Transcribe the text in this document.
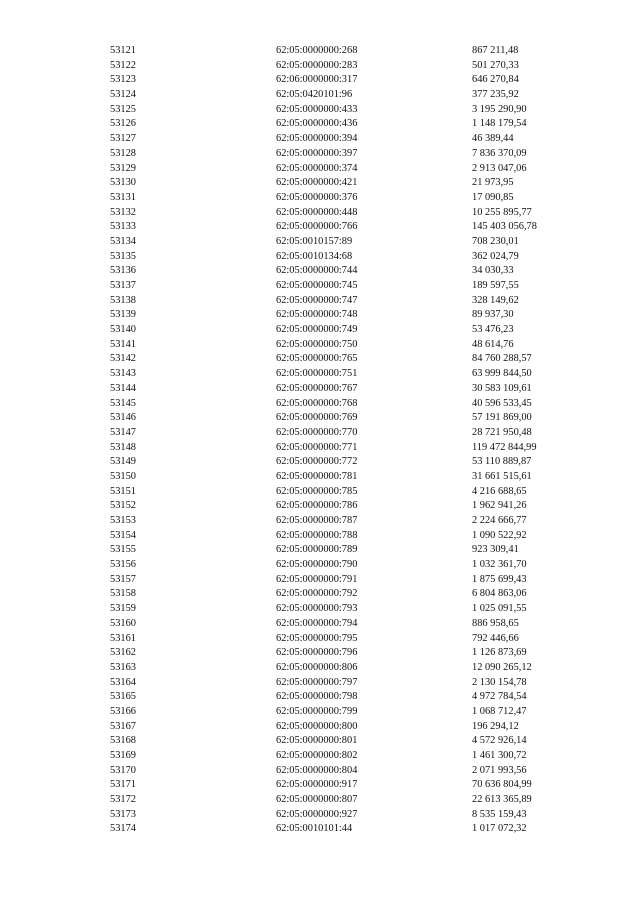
53121	62:05:0000000:268	867 211,48
53122	62:05:0000000:283	501 270,33
53123	62:06:0000000:317	646 270,84
53124	62:05:0420101:96	377 235,92
53125	62:05:0000000:433	3 195 290,90
53126	62:05:0000000:436	1 148 179,54
53127	62:05:0000000:394	46 389,44
53128	62:05:0000000:397	7 836 370,09
53129	62:05:0000000:374	2 913 047,06
53130	62:05:0000000:421	21 973,95
53131	62:05:0000000:376	17 090,85
53132	62:05:0000000:448	10 255 895,77
53133	62:05:0000000:766	145 403 056,78
53134	62:05:0010157:89	708 230,01
53135	62:05:0010134:68	362 024,79
53136	62:05:0000000:744	34 030,33
53137	62:05:0000000:745	189 597,55
53138	62:05:0000000:747	328 149,62
53139	62:05:0000000:748	89 937,30
53140	62:05:0000000:749	53 476,23
53141	62:05:0000000:750	48 614,76
53142	62:05:0000000:765	84 760 288,57
53143	62:05:0000000:751	63 999 844,50
53144	62:05:0000000:767	30 583 109,61
53145	62:05:0000000:768	40 596 533,45
53146	62:05:0000000:769	57 191 869,00
53147	62:05:0000000:770	28 721 950,48
53148	62:05:0000000:771	119 472 844,99
53149	62:05:0000000:772	53 110 889,87
53150	62:05:0000000:781	31 661 515,61
53151	62:05:0000000:785	4 216 688,65
53152	62:05:0000000:786	1 962 941,26
53153	62:05:0000000:787	2 224 666,77
53154	62:05:0000000:788	1 090 522,92
53155	62:05:0000000:789	923 309,41
53156	62:05:0000000:790	1 032 361,70
53157	62:05:0000000:791	1 875 699,43
53158	62:05:0000000:792	6 804 863,06
53159	62:05:0000000:793	1 025 091,55
53160	62:05:0000000:794	886 958,65
53161	62:05:0000000:795	792 446,66
53162	62:05:0000000:796	1 126 873,69
53163	62:05:0000000:806	12 090 265,12
53164	62:05:0000000:797	2 130 154,78
53165	62:05:0000000:798	4 972 784,54
53166	62:05:0000000:799	1 068 712,47
53167	62:05:0000000:800	196 294,12
53168	62:05:0000000:801	4 572 926,14
53169	62:05:0000000:802	1 461 300,72
53170	62:05:0000000:804	2 071 993,56
53171	62:05:0000000:917	70 636 804,99
53172	62:05:0000000:807	22 613 365,89
53173	62:05:0000000:927	8 535 159,43
53174	62:05:0010101:44	1 017 072,32
